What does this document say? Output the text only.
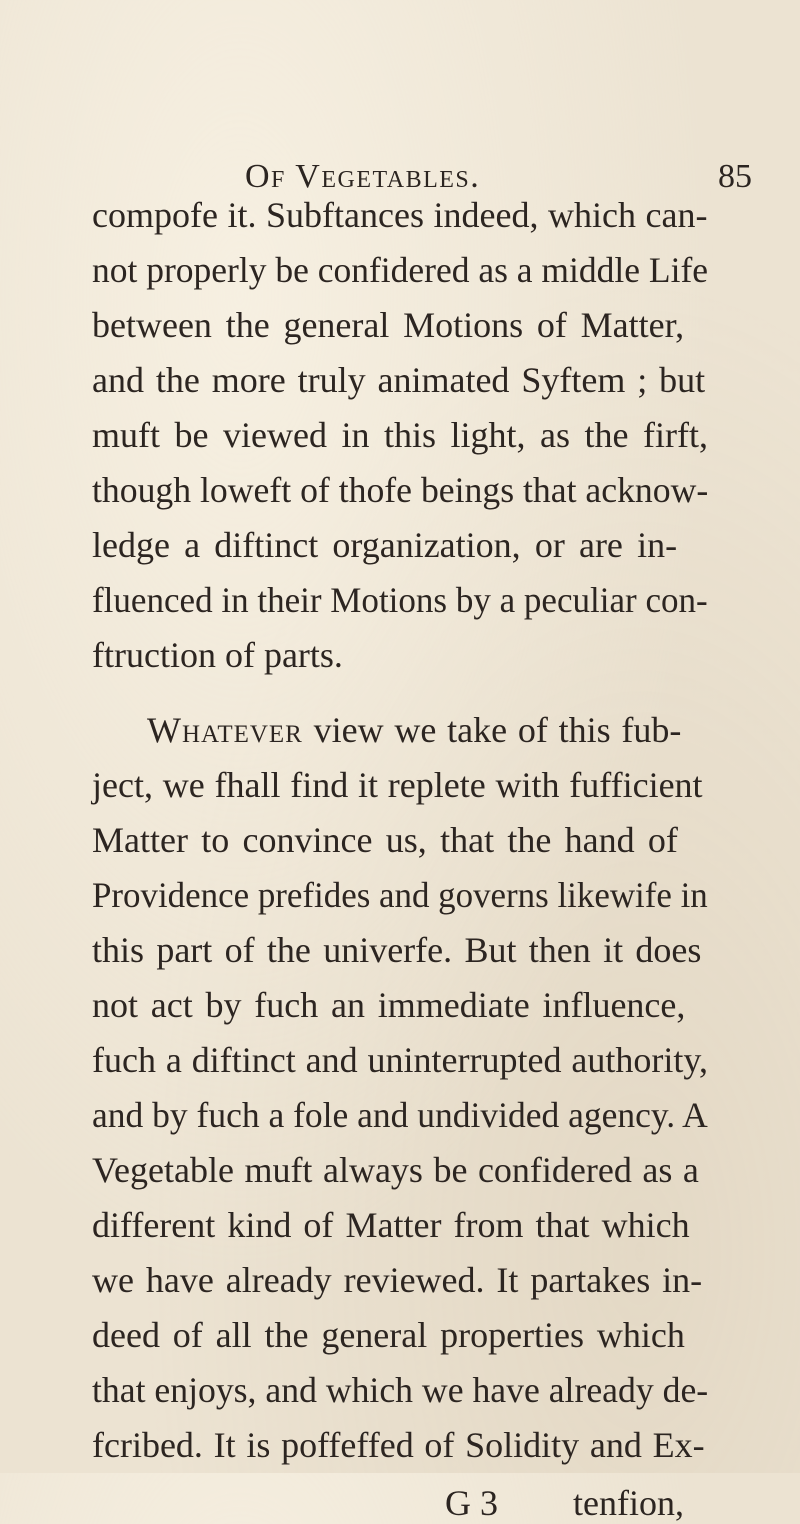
Of Vegetables.	85
compofe it. Subftances indeed, which can-
not properly be confidered as a middle Life
between the general Motions of Matter,
and the more truly animated Syftem ; but
muft be viewed in this light, as the firft,
though loweft of thofe beings that acknow-
ledge a diftinct organization, or are in-
fluenced in their Motions by a peculiar con-
ftruction of parts.
Whatever view we take of this fub-
ject, we fhall find it replete with fufficient
Matter to convince us, that the hand of
Providence prefides and governs likewife in
this part of the univerfe. But then it does
not act by fuch an immediate influence,
fuch a diftinct and uninterrupted authority,
and by fuch a fole and undivided agency. A
Vegetable muft always be confidered as a
different kind of Matter from that which
we have already reviewed. It partakes in-
deed of all the general properties which
that enjoys, and which we have already de-
fcribed. It is poffeffed of Solidity and Ex-
G 3 tenfion,
